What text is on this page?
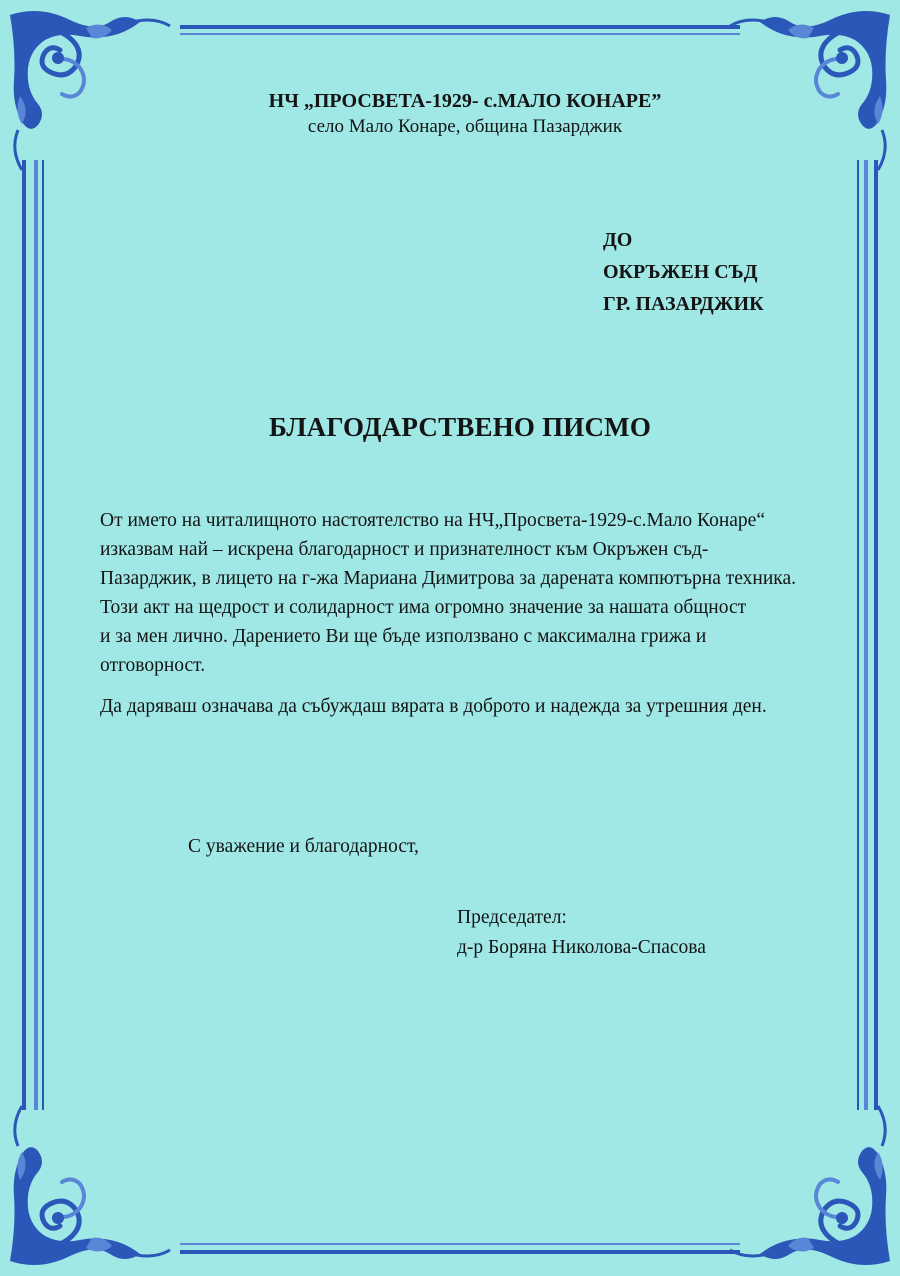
НЧ „ПРОСВЕТА-1929- с.МАЛО КОНАРЕ”
село Мало Конаре, община Пазарджик
ДО
ОКРЪЖЕН СЪД
ГР. ПАЗАРДЖИК
БЛАГОДАРСТВЕНО ПИСМО
От името на читалищното настоятелство на НЧ„Просвета-1929-с.Мало Конаре“
изказвам най – искрена благодарност и признателност към Окръжен съд-
Пазарджик, в лицето на г-жа Мариана Димитрова за дарената компютърна техника.
Този акт на щедрост и солидарност има огромно значение за нашата общност
и за мен лично. Дарението Ви ще бъде използвано с максимална грижа и
отговорност.
Да даряваш означава да събуждаш вярата в доброто и надежда за утрешния ден.
С уважение и благодарност,
Председател:
д-р Боряна Николова-Спасова
